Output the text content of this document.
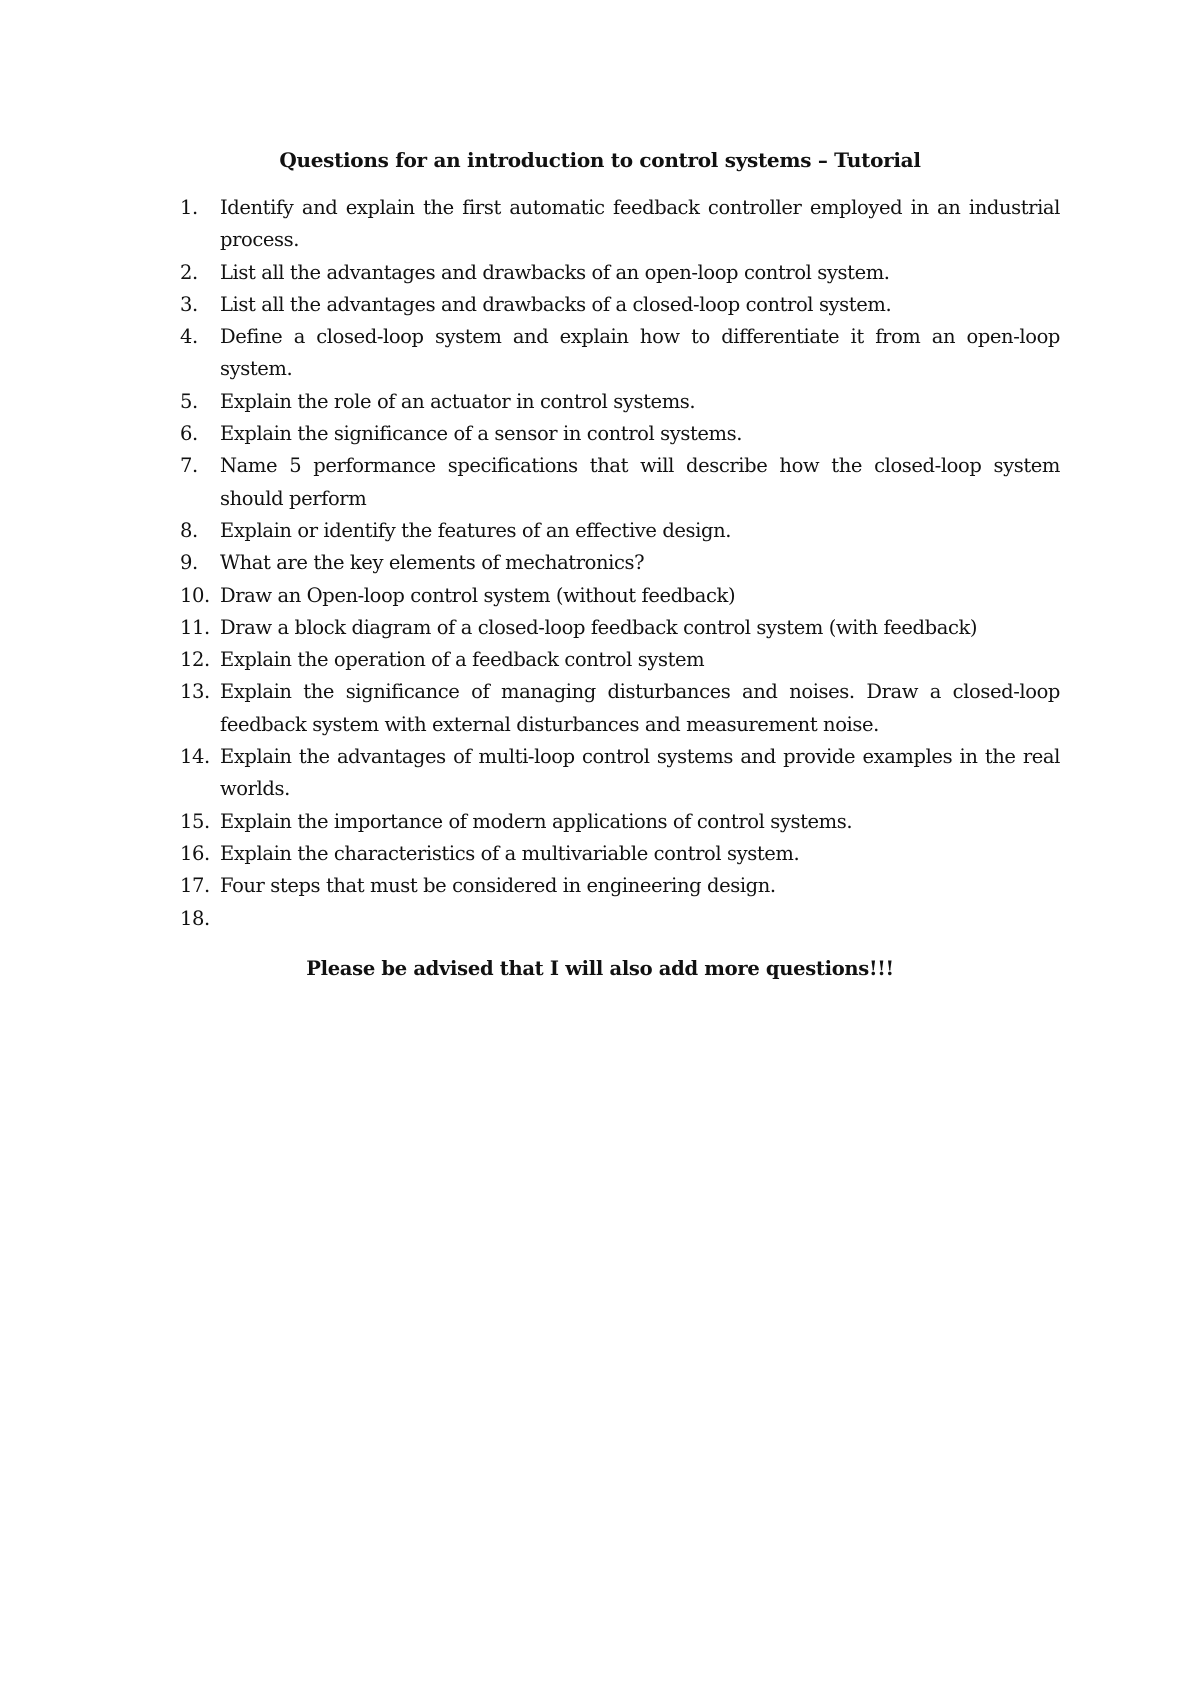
Questions for an introduction to control systems – Tutorial
1.	Identify and explain the first automatic feedback controller employed in an industrial process.
2.	List all the advantages and drawbacks of an open-loop control system.
3.	List all the advantages and drawbacks of a closed-loop control system.
4.	Define a closed-loop system and explain how to differentiate it from an open-loop system.
5.	Explain the role of an actuator in control systems.
6.	Explain the significance of a sensor in control systems.
7.	Name 5 performance specifications that will describe how the closed-loop system should perform
8.	Explain or identify the features of an effective design.
9.	What are the key elements of mechatronics?
10. Draw an Open-loop control system (without feedback)
11. Draw a block diagram of a closed-loop feedback control system (with feedback)
12. Explain the operation of a feedback control system
13. Explain the significance of managing disturbances and noises. Draw a closed-loop feedback system with external disturbances and measurement noise.
14. Explain the advantages of multi-loop control systems and provide examples in the real worlds.
15. Explain the importance of modern applications of control systems.
16. Explain the characteristics of a multivariable control system.
17. Four steps that must be considered in engineering design.
18.
Please be advised that I will also add more questions!!!
